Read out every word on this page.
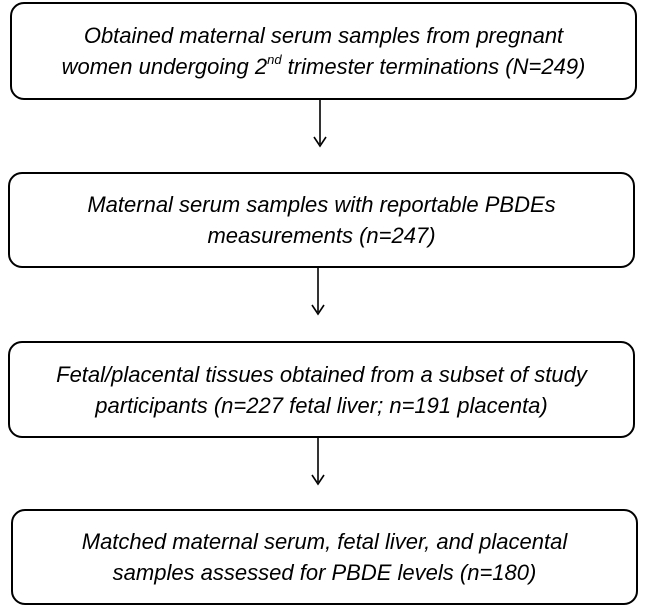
Obtained maternal serum samples from pregnant
women undergoing 2nd trimester terminations (N=249)
Maternal serum samples with reportable PBDEs
measurements (n=247)
Fetal/placental tissues obtained from a subset of study
participants (n=227 fetal liver; n=191 placenta)
Matched maternal serum, fetal liver, and placental
samples assessed for PBDE levels (n=180)
